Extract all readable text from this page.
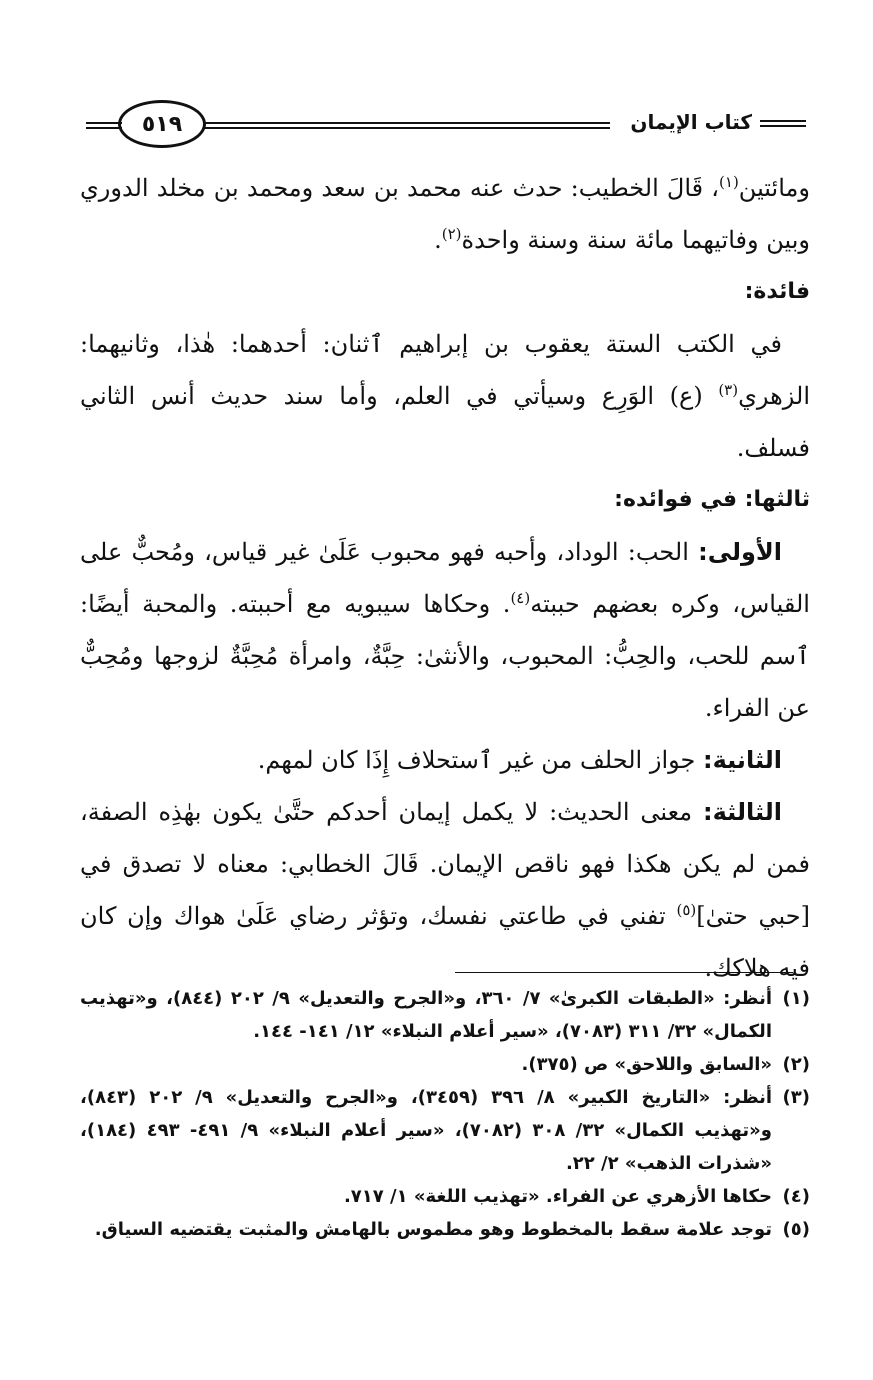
كتاب الإيمان
٥١٩

ومائتين$^{(١)}$، قَالَ الخطيب: حدث عنه محمد بن سعد ومحمد بن مخلد الدوري وبين وفاتيهما مائة سنة وسنة واحدة$^{(٢)}$.

فائدة:

في الكتب الستة يعقوب بن إبراهيم ٱثنان: أحدهما: هٰذا، وثانيهما: الزهري$^{(٣)}$ (ع) الوَرِع وسيأتي في العلم، وأما سند حديث أنس الثاني فسلف.

ثالثها: في فوائده:

الأولى: الحب: الوداد، وأحبه فهو محبوب عَلَىٰ غير قياس، ومُحبٌّ على القياس، وكره بعضهم حببته$^{(٤)}$. وحكاها سيبويه مع أحببته. والمحبة أيضًا: ٱسم للحب، والحِبُّ: المحبوب، والأنثىٰ: حِبَّةٌ، وامرأة مُحِبَّةٌ لزوجها ومُحِبٌّ عن الفراء.

الثانية: جواز الحلف من غير ٱستحلاف إِذَا كان لمهم.

الثالثة: معنى الحديث: لا يكمل إيمان أحدكم حتَّىٰ يكون بهٰذِه الصفة، فمن لم يكن هكذا فهو ناقص الإيمان. قَالَ الخطابي: معناه لا تصدق في [حبي حتىٰ]$^{(٥)}$ تفني في طاعتي نفسك، وتؤثر رضاي عَلَىٰ هواك وإن كان فيه هلاكك.

(١)
أنظر: «الطبقات الكبرىٰ» ٧/ ٣٦٠، و«الجرح والتعديل» ٩/ ٢٠٢ (٨٤٤)، و«تهذيب الكمال» ٣٢/ ٣١١ (٧٠٨٣)، «سير أعلام النبلاء» ١٢/ ١٤١- ١٤٤.
(٢)
«السابق واللاحق» ص (٣٧٥).
(٣)
أنظر: «التاريخ الكبير» ٨/ ٣٩٦ (٣٤٥٩)، و«الجرح والتعديل» ٩/ ٢٠٢ (٨٤٣)، و«تهذيب الكمال» ٣٢/ ٣٠٨ (٧٠٨٢)، «سير أعلام النبلاء» ٩/ ٤٩١- ٤٩٣ (١٨٤)، «شذرات الذهب» ٢/ ٢٢.
(٤)
حكاها الأزهري عن الفراء. «تهذيب اللغة» ١/ ٧١٧.
(٥)
توجد علامة سقط بالمخطوط وهو مطموس بالهامش والمثبت يقتضيه السياق.
